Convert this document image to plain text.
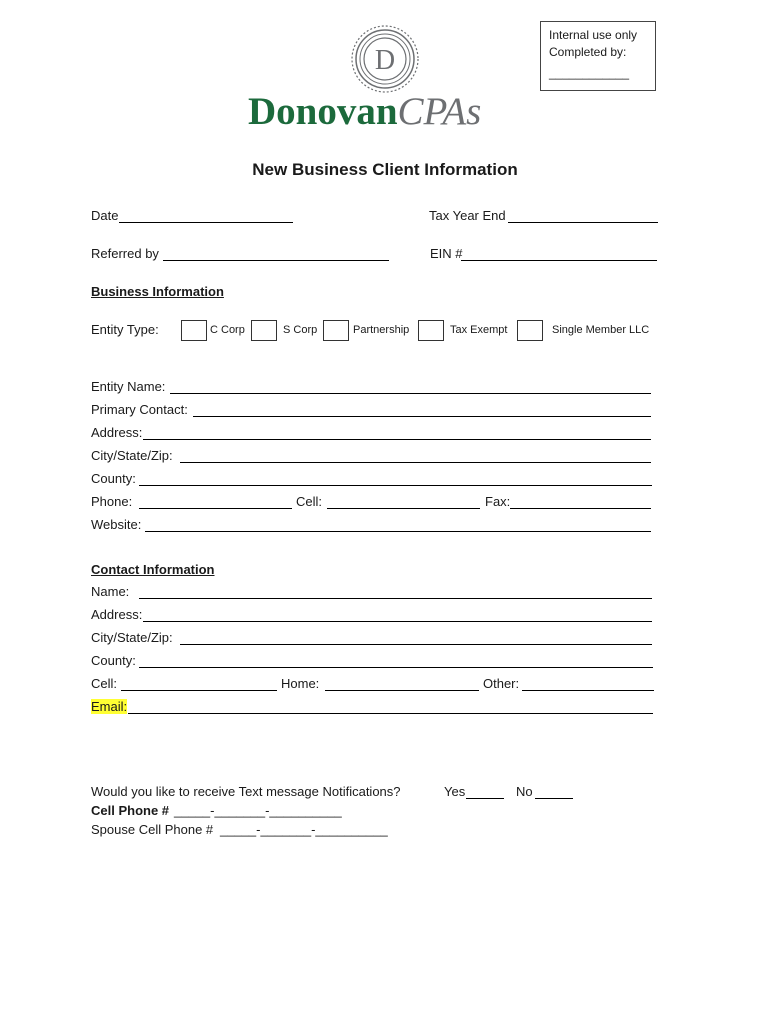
Internal use only
Completed by:
____________
D
DonovanCPAs
New Business Client Information
Date	Tax Year End
Referred by	EIN #
Business Information
Entity Type:	C Corp	S Corp	Partnership	Tax Exempt	Single Member LLC
Entity Name:
Primary Contact:
Address:
City/State/Zip:
County:
Phone:	Cell:	Fax:
Website:
Contact Information
Name:
Address:
City/State/Zip:
County:
Cell:	Home:	Other:
Email:
Would you like to receive Text message Notifications?	Yes	No
Cell Phone # _____-_______-__________
Spouse Cell Phone # _____-_______-__________
